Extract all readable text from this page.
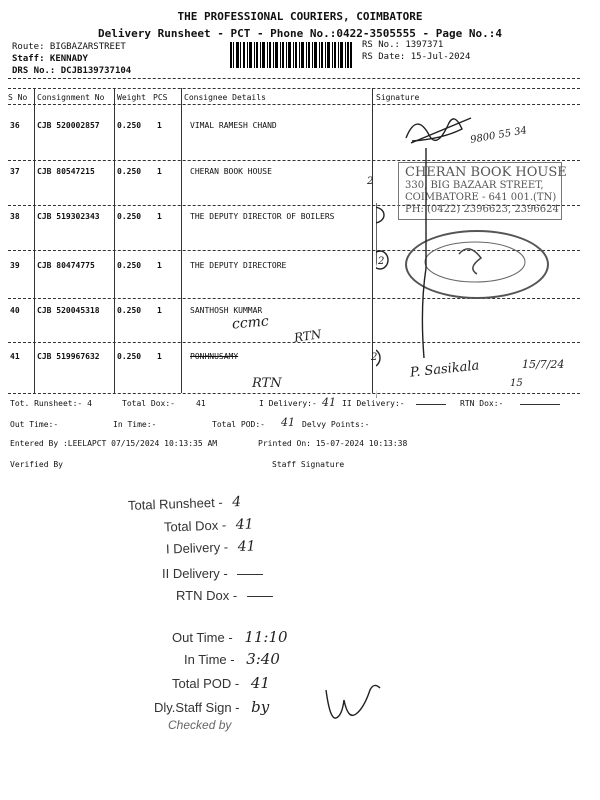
THE PROFESSIONAL COURIERS, COIMBATORE
Delivery Runsheet - PCT - Phone No.:0422-3505555 - Page No.:4
Route: BIGBAZARSTREET
Staff: KENNADY
DRS No.: DCJB139737104
RS No.: 1397371
RS Date: 15-Jul-2024
S No Consignment No Weight PCS Consignee Details	Signature
36 CJB 520002857 0.250 1	VIMAL RAMESH CHAND
37 CJB 80547215	0.250 1	CHERAN BOOK HOUSE
38 CJB 519302343 0.250 1	THE DEPUTY DIRECTOR OF BOILERS
39 CJB 80474775	0.250 1	THE DEPUTY DIRECTORE
40 CJB 520045318 0.250 1	SANTHOSH KUMMAR
41 CJB 519967632 0.250 1	PONHNUSAMY
CHERAN BOOK HOUSE
330, BIG BAZAAR STREET,
COIMBATORE - 641 001.(TN)
PH: (0422) 2396623, 2396624
9800 55 34
2
2
2
ccmc
RTN
RTN
P. Sasikala	15/7/24
15
Tot. Runsheet:- 4	Total Dox:-	41	I Delivery:- 41 II Delivery:-	RTN Dox:-
Out Time:-	In Time:-	Total POD:- 41 Delvy Points:-
Entered By :LEELAPCT 07/15/2024 10:13:35 AM	Printed On: 15-07-2024 10:13:38
Verified By	Staff Signature
Total Runsheet - 4
Total Dox - 41
I Delivery - 41
II Delivery -
RTN Dox -
Out Time - 11:10
In Time - 3:40
Total POD - 41
Dly.Staff Sign - by
Checked by
